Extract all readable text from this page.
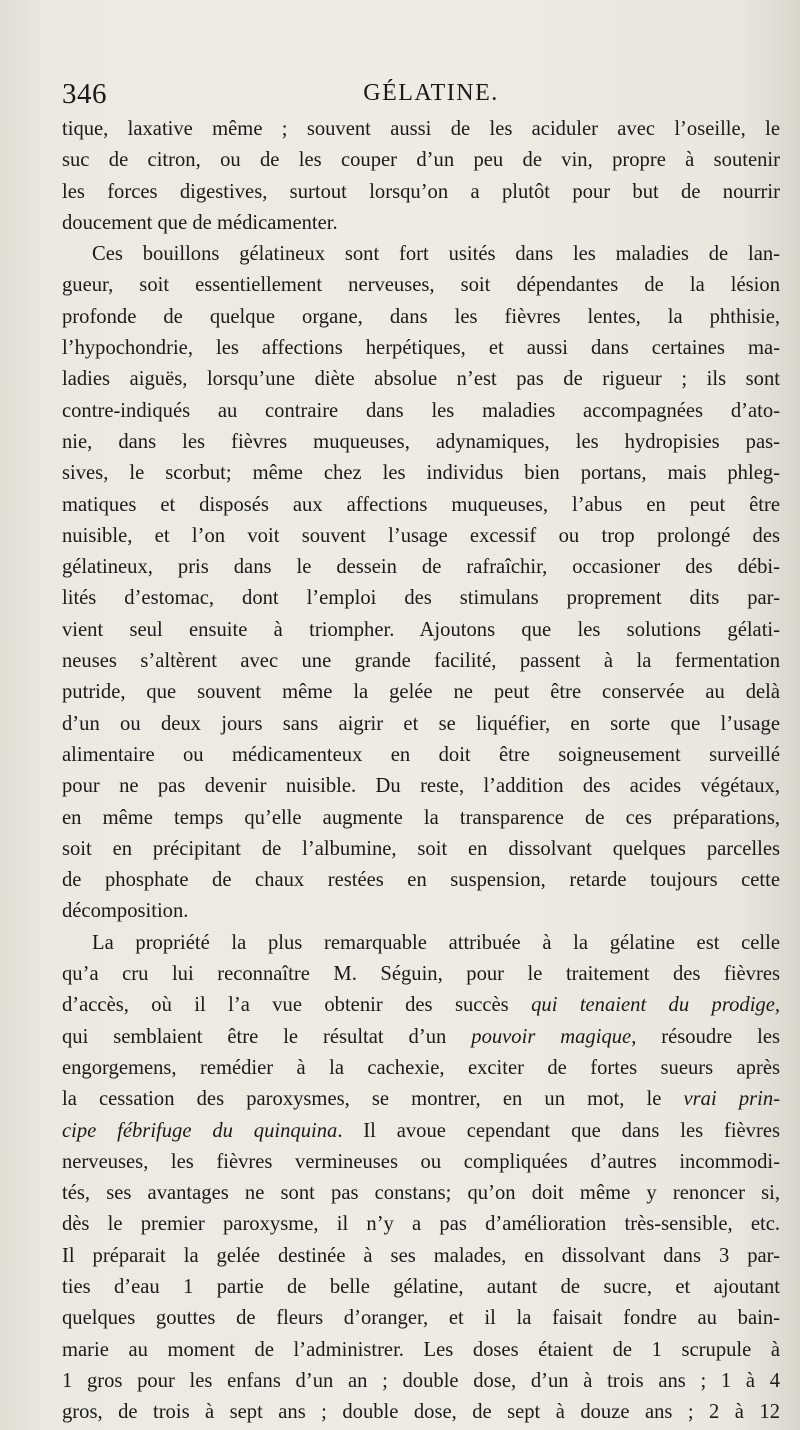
346	GÉLATINE.
tique, laxative même ; souvent aussi de les aciduler avec l’oseille, le
suc de citron, ou de les couper d’un peu de vin, propre à soutenir
les forces digestives, surtout lorsqu’on a plutôt pour but de nourrir
doucement que de médicamenter.
Ces bouillons gélatineux sont fort usités dans les maladies de lan-
gueur, soit essentiellement nerveuses, soit dépendantes de la lésion
profonde de quelque organe, dans les fièvres lentes, la phthisie,
l’hypochondrie, les affections herpétiques, et aussi dans certaines ma-
ladies aiguës, lorsqu’une diète absolue n’est pas de rigueur ; ils sont
contre-indiqués au contraire dans les maladies accompagnées d’ato-
nie, dans les fièvres muqueuses, adynamiques, les hydropisies pas-
sives, le scorbut; même chez les individus bien portans, mais phleg-
matiques et disposés aux affections muqueuses, l’abus en peut être
nuisible, et l’on voit souvent l’usage excessif ou trop prolongé des
gélatineux, pris dans le dessein de rafraîchir, occasioner des débi-
lités d’estomac, dont l’emploi des stimulans proprement dits par-
vient seul ensuite à triompher. Ajoutons que les solutions gélati-
neuses s’altèrent avec une grande facilité, passent à la fermentation
putride, que souvent même la gelée ne peut être conservée au delà
d’un ou deux jours sans aigrir et se liquéfier, en sorte que l’usage
alimentaire ou médicamenteux en doit être soigneusement surveillé
pour ne pas devenir nuisible. Du reste, l’addition des acides végétaux,
en même temps qu’elle augmente la transparence de ces préparations,
soit en précipitant de l’albumine, soit en dissolvant quelques parcelles
de phosphate de chaux restées en suspension, retarde toujours cette
décomposition.
La propriété la plus remarquable attribuée à la gélatine est celle
qu’a cru lui reconnaître M. Séguin, pour le traitement des fièvres
d’accès, où il l’a vue obtenir des succès qui tenaient du prodige,
qui semblaient être le résultat d’un pouvoir magique, résoudre les
engorgemens, remédier à la cachexie, exciter de fortes sueurs après
la cessation des paroxysmes, se montrer, en un mot, le vrai prin-
cipe fébrifuge du quinquina. Il avoue cependant que dans les fièvres
nerveuses, les fièvres vermineuses ou compliquées d’autres incommodi-
tés, ses avantages ne sont pas constans; qu’on doit même y renoncer si,
dès le premier paroxysme, il n’y a pas d’amélioration très-sensible, etc.
Il préparait la gelée destinée à ses malades, en dissolvant dans 3 par-
ties d’eau 1 partie de belle gélatine, autant de sucre, et ajoutant
quelques gouttes de fleurs d’oranger, et il la faisait fondre au bain-
marie au moment de l’administrer. Les doses étaient de 1 scrupule à
1 gros pour les enfans d’un an ; double dose, d’un à trois ans ; 1 à 4
gros, de trois à sept ans ; double dose, de sept à douze ans ; 2 à 12
